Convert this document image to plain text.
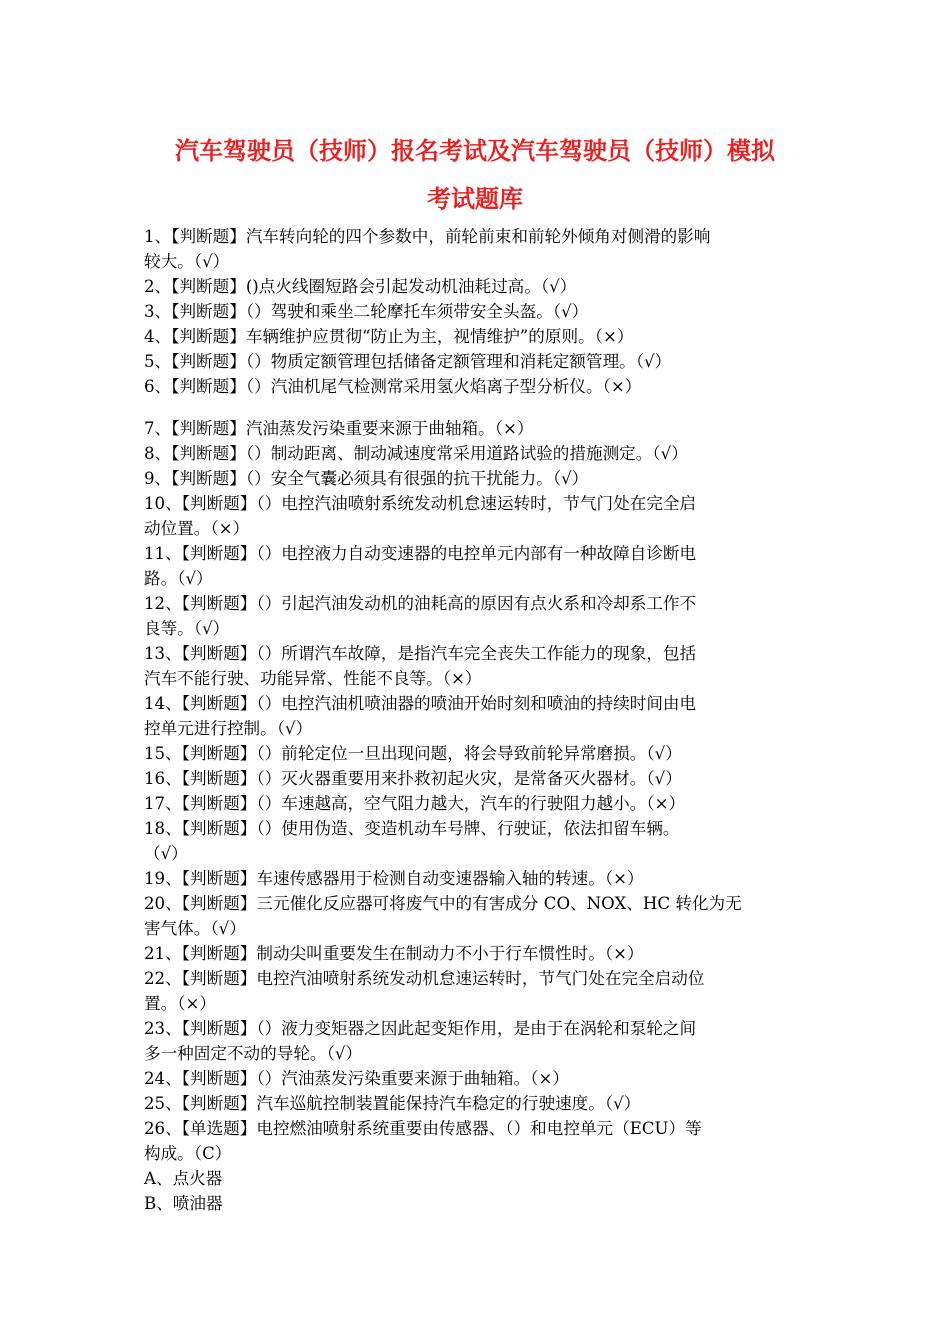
汽车驾驶员（技师）报名考试及汽车驾驶员（技师）模拟
考试题库
1、【判断题】汽车转向轮的四个参数中，前轮前束和前轮外倾角对侧滑的影响
较大。（√）
2、【判断题】()点火线圈短路会引起发动机油耗过高。（√）
3、【判断题】（）驾驶和乘坐二轮摩托车须带安全头盔。（√）
4、【判断题】车辆维护应贯彻“防止为主，视情维护”的原则。（×）
5、【判断题】（）物质定额管理包括储备定额管理和消耗定额管理。（√）
6、【判断题】（）汽油机尾气检测常采用氢火焰离子型分析仪。（×）
7、【判断题】汽油蒸发污染重要来源于曲轴箱。（×）
8、【判断题】（）制动距离、制动减速度常采用道路试验的措施测定。（√）
9、【判断题】（）安全气囊必须具有很强的抗干扰能力。（√）
10、【判断题】（）电控汽油喷射系统发动机怠速运转时，节气门处在完全启
动位置。（×）
11、【判断题】（）电控液力自动变速器的电控单元内部有一种故障自诊断电
路。（√）
12、【判断题】（）引起汽油发动机的油耗高的原因有点火系和冷却系工作不
良等。（√）
13、【判断题】（）所谓汽车故障，是指汽车完全丧失工作能力的现象，包括
汽车不能行驶、功能异常、性能不良等。（×）
14、【判断题】（）电控汽油机喷油器的喷油开始时刻和喷油的持续时间由电
控单元进行控制。（√）
15、【判断题】（）前轮定位一旦出现问题，将会导致前轮异常磨损。（√）
16、【判断题】（）灭火器重要用来扑救初起火灾，是常备灭火器材。（√）
17、【判断题】（）车速越高，空气阻力越大，汽车的行驶阻力越小。（×）
18、【判断题】（）使用伪造、变造机动车号牌、行驶证，依法扣留车辆。
（√）
19、【判断题】车速传感器用于检测自动变速器输入轴的转速。（×）
20、【判断题】三元催化反应器可将废气中的有害成分 CO、NOX、HC 转化为无
害气体。（√）
21、【判断题】制动尖叫重要发生在制动力不小于行车惯性时。（×）
22、【判断题】电控汽油喷射系统发动机怠速运转时，节气门处在完全启动位
置。（×）
23、【判断题】（）液力变矩器之因此起变矩作用，是由于在涡轮和泵轮之间
多一种固定不动的导轮。（√）
24、【判断题】（）汽油蒸发污染重要来源于曲轴箱。（×）
25、【判断题】汽车巡航控制装置能保持汽车稳定的行驶速度。（√）
26、【单选题】电控燃油喷射系统重要由传感器、（）和电控单元（ECU）等
构成。（C）
A、点火器
B、喷油器
